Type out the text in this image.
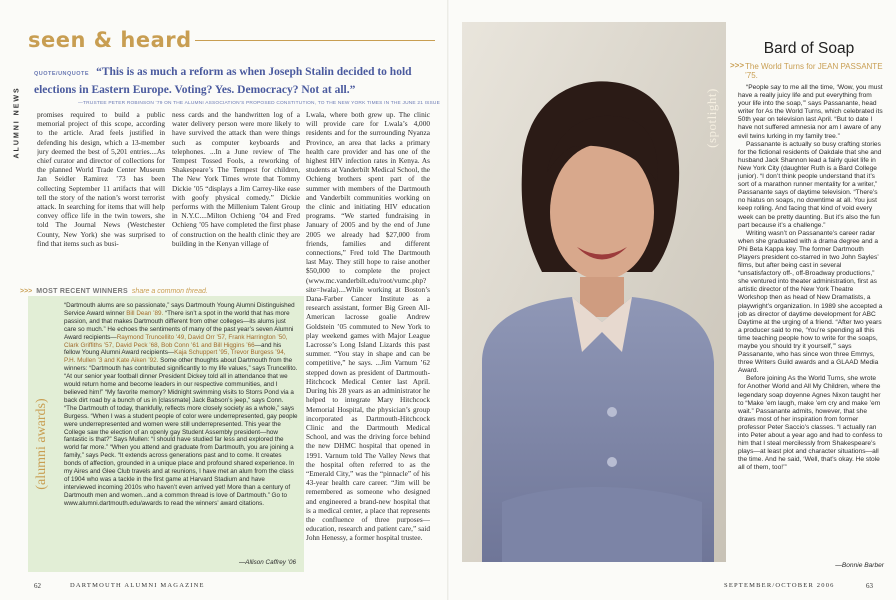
ALUMNI NEWS
seen & heard
QUOTE/UNQUOTE “This is as much a reform as when Joseph Stalin decided to hold elections in Eastern Europe. Voting? Yes. Democracy? Not at all.”
—TRUSTEE PETER ROBINSON ’79 ON THE ALUMNI ASSOCIATION’S PROPOSED CONSTITUTION, TO THE NEW YORK TIMES IN THE JUNE 21 ISSUE
promises required to build a public memorial project of this scope, according to the article. Arad feels justified in defending his design, which a 13-member jury deemed the best of 5,201 entries....As chief curator and director of collections for the planned World Trade Center Museum Jan Seidler Ramirez ’73 has been collecting September 11 artifacts that will tell the story of the nation’s worst terrorist attack. In searching for items that will help convey office life in the twin towers, she told The Journal News (Westchester County, New York) she was surprised to find that items such as busi-
ness cards and the handwritten log of a water delivery person were more likely to have survived the attack than were things such as computer keyboards and telephones. ...In a June review of The Tempest Tossed Fools, a reworking of Shakespeare’s The Tempest for children, The New York Times wrote that Tommy Dickie ’05 “displays a Jim Carrey-like ease with goofy physical comedy.” Dickie performs with the Millenium Talent Group in N.Y.C....Milton Ochieng ’04 and Fred Ochieng ’05 have completed the first phase of construction on the health clinic they are building in the Kenyan village of
Lwala, where both grew up. The clinic will provide care for Lwala’s 4,000 residents and for the surrounding Nyanza Province, an area that lacks a primary health care provider and has one of the highest HIV infection rates in Kenya. As students at Vanderbilt Medical School, the Ochieng brothers spent part of the summer with members of the Dartmouth and Vanderbilt communities working on the clinic and initiating HIV education programs. “We started fundraising in January of 2005 and by the end of June 2005 we already had $27,000 from friends, families and different connections,” Fred told The Dartmouth last May. They still hope to raise another $50,000 to complete the project (www.mc.vanderbilt.edu/root/vumc.php?site=lwala)....While working at Boston’s Dana-Farber Cancer Institute as a research assistant, former Big Green All-American lacrosse goalie Andrew Goldstein ’05 commuted to New York to play weekend games with Major League Lacrosse’s Long Island Lizards this past summer. “You stay in shape and can be competitive,” he says. ...Jim Varnum ’62 stepped down as president of Dartmouth-Hitchcock Medical Center last April. During his 28 years as an administrator he helped to integrate Mary Hitchcock Memorial Hospital, the physician’s group incorporated as Dartmouth-Hitchcock Clinic and the Dartmouth Medical School, and was the driving force behind the new DHMC hospital that opened in 1991. Varnum told The Valley News that the hospital often referred to as the “Emerald City,” was the “pinnacle” of his 43-year health care career. “Jim will be remembered as someone who designed and engineered a brand-new hospital that is a medical center, a place that represents the confluence of three purposes—education, research and patient care,” said John Henessy, a former hospital trustee.
>>> MOST RECENT WINNERS share a common thread.
(alumni awards)
“Dartmouth alums are so passionate,” says Dartmouth Young Alumni Distinguished Service Award winner Bill Dean ’89. “There isn’t a spot in the world that has more passion, and that makes Dartmouth different from other colleges—its alums just care so much.” He echoes the sentiments of many of the past year’s seven Alumni Award recipients—Raymond Truncellito ’49, David Orr ’57, Frank Harrington ’50, Clark Griffiths ’57, David Peck ’68, Bob Conn ’61 and Bill Higgins ’66—and his fellow Young Alumni Award recipients—Kaja Schuppert ’95, Trevor Burgess ’94, P.H. Mullen ’3 and Kate Aiken ’92. Some other thoughts about Dartmouth from the winners: “Dartmouth has contributed significantly to my life values,” says Truncellito. “At our senior year football dinner President Dickey told all in attendance that we would return home and become leaders in our respective communities, and I believed him!” “My favorite memory? Midnight swimming visits to Storrs Pond via a back dirt road by a bunch of us in [classmate] Jack Babson’s jeep,” says Conn. “The Dartmouth of today, thankfully, reflects more closely society as a whole,” says Burgess. “When I was a student people of color were underrepresented, gay people were underrepresented and women were still underrepresented. This year the College saw the election of an openly gay Student Assembly president—how fantastic is that?” Says Mullen: “I should have studied far less and explored the world far more.” “When you attend and graduate from Dartmouth, you are joining a family,” says Peck. “It extends across generations past and to come. It creates bonds of affection, grounded in a unique place and profound shared experience. In my Aires and Glee Club travels and at reunions, I have met an alum from the class of 1904 who was a tackle in the first game at Harvard Stadium and have interviewed incoming 2010s who haven’t even arrived yet! More than a century of Dartmouth men and women...and a common thread is love of Dartmouth.” Go to www.alumni.dartmouth.edu/awards to read the winners’ award citations.
—Allison Caffrey ’06
62	DARTMOUTH ALUMNI MAGAZINE
(spotlight)
Bard of Soap
>>> The World Turns for JEAN PASSANTE ’75.

“People say to me all the time, ‘Wow, you must have a really juicy life and put everything from your life into the soap,’” says Passanante, head writer for As the World Turns, which celebrated its 50th year on television last April. “But to date I have not suffered amnesia nor am I aware of any evil twins lurking in my family tree.”

Passanante is actually so busy crafting stories for the fictional residents of Oakdale that she and husband Jack Shannon lead a fairly quiet life in New York City (daughter Ruth is a Bard College junior). “I don’t think people understand that it’s sort of a marathon runner mentality for a writer,” Passanante says of daytime television. “There’s no hiatus on soaps, no downtime at all. You just keep rolling. And facing that kind of void every week can be pretty daunting. But it’s also the fun part because it’s a challenge.”

Writing wasn’t on Passanante’s career radar when she graduated with a drama degree and a Phi Beta Kappa key. The former Dartmouth Players president co-starred in two John Sayles’ films, but after being cast in several “unsatisfactory off-, off-Broadway productions,” she ventured into theater administration, first as artistic director of the New York Theatre Workshop then as head of New Dramatists, a playwright’s organization. In 1989 she accepted a job as director of daytime development for ABC Daytime at the urging of a friend. “After two years a producer said to me, ‘You’re spending all this time teaching people how to write for the soaps, maybe you should try it yourself,’” says Passanante, who has since won three Emmys, three Writers Guild awards and a GLAAD Media Award.

Before joining As the World Turns, she wrote for Another World and All My Children, where the legendary soap doyenne Agnes Nixon taught her to “Make ’em laugh, make ’em cry and make ’em wait.” Passanante admits, however, that she draws most of her inspiration from former professor Peter Saccio’s classes. “I actually ran into Peter about a year ago and had to confess to him that I steal mercilessly from Shakespeare’s plays—at least plot and character situations—all the time. And he said, ‘Well, that’s okay. He stole all of them, too!’”

—Bonnie Barber
SEPTEMBER/OCTOBER 2006	63
